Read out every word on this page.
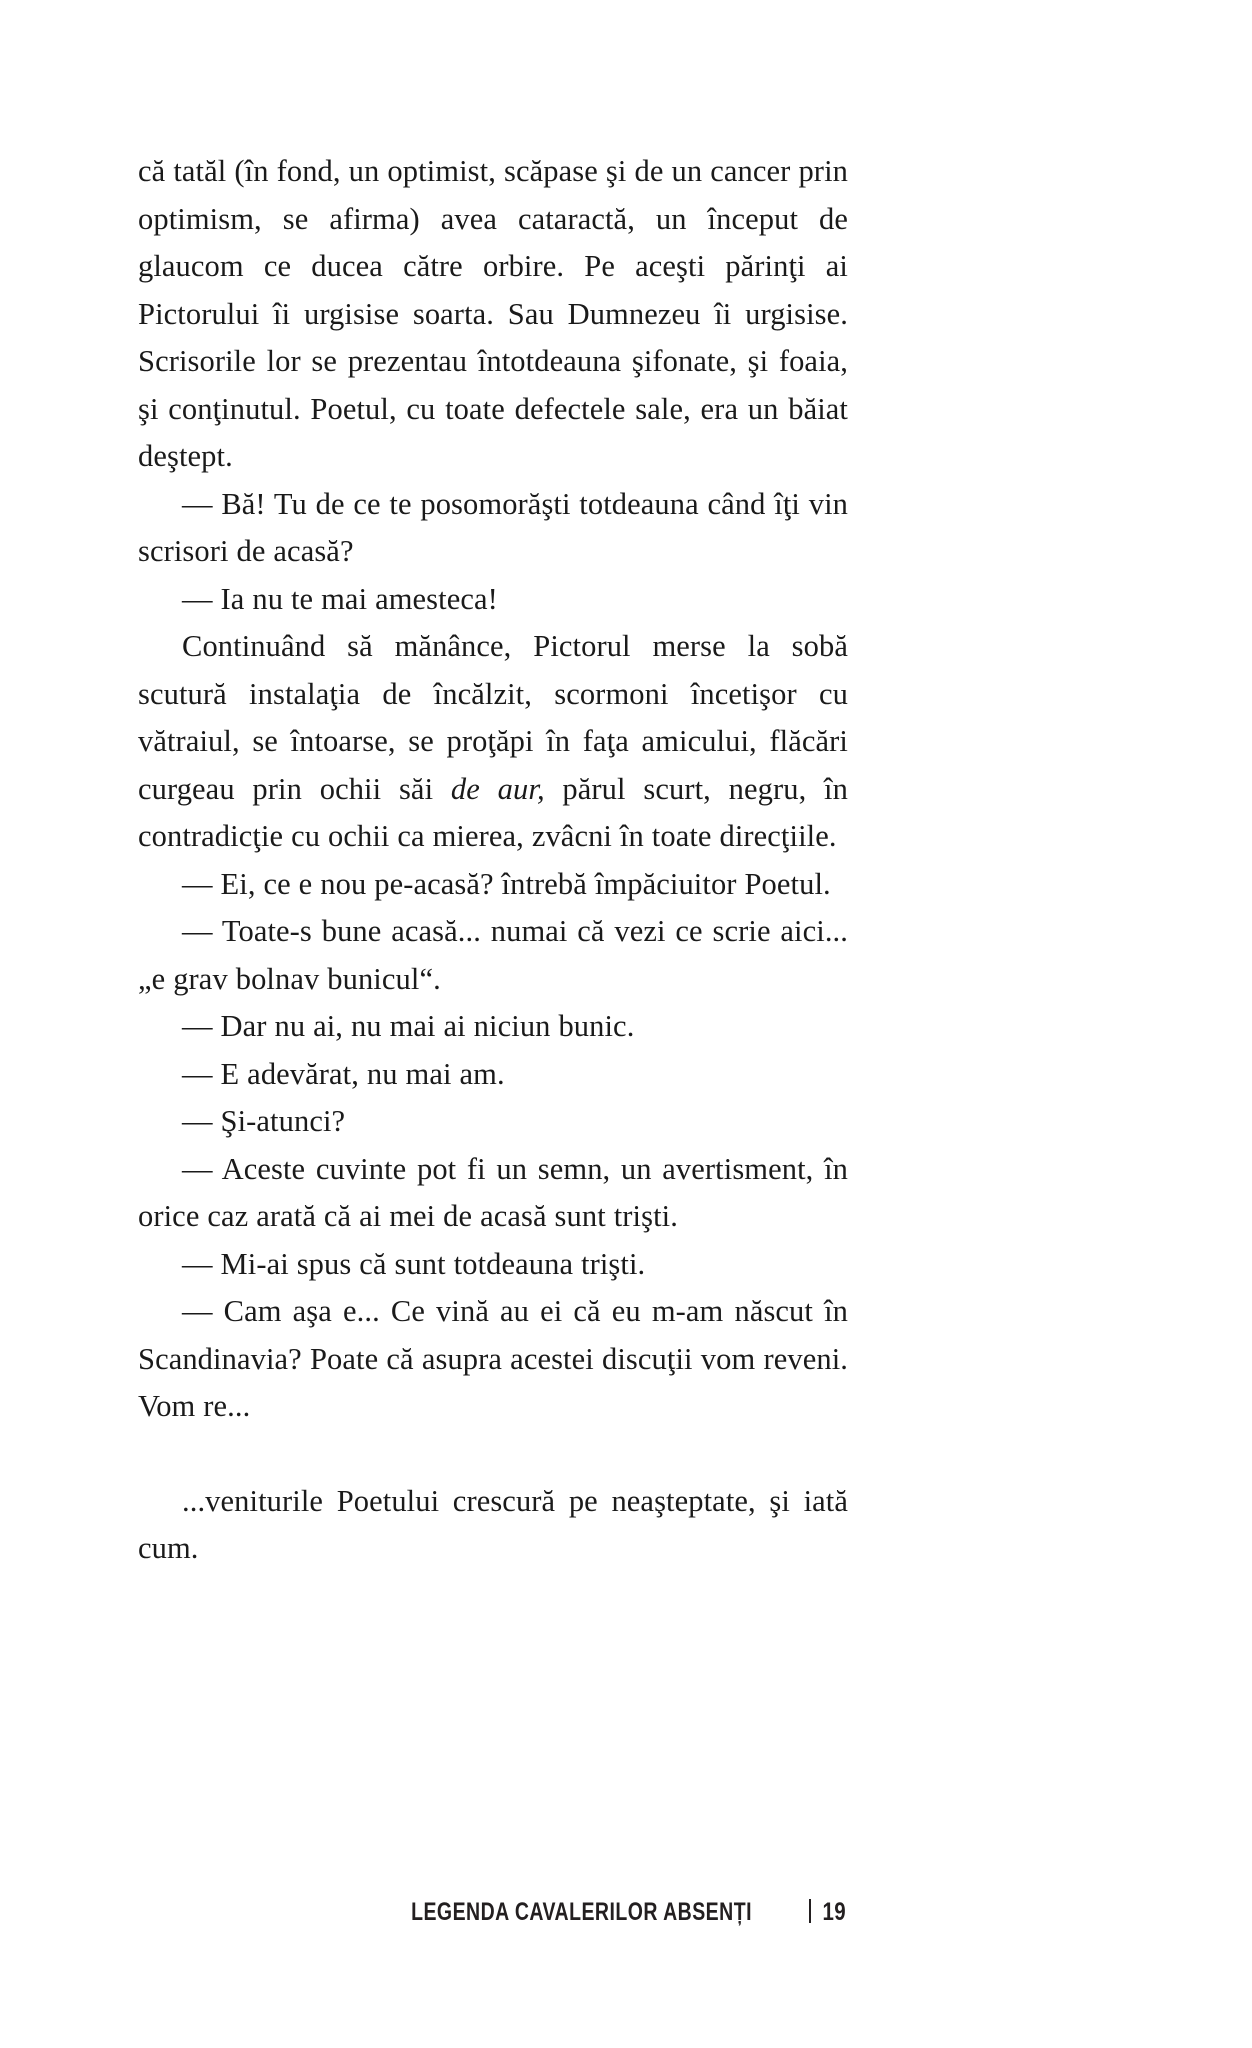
că tatăl (în fond, un optimist, scăpase şi de un cancer prin optimism, se afirma) avea cataractă, un început de glaucom ce ducea către orbire. Pe aceşti părinţi ai Pictorului îi urgisise soarta. Sau Dumnezeu îi urgisise. Scrisorile lor se prezentau întotdeauna şifonate, şi foaia, şi conţinutul. Poetul, cu toate defectele sale, era un băiat deştept.

— Bă! Tu de ce te posomorăşti totdeauna când îţi vin scrisori de acasă?

— Ia nu te mai amesteca!

Continuând să mănânce, Pictorul merse la sobă scutură instalaţia de încălzit, scormoni încetişor cu vătraiul, se întoarse, se proţăpi în faţa amicului, flăcări curgeau prin ochii săi de aur, părul scurt, negru, în contradicţie cu ochii ca mierea, zvâcni în toate direcţiile.

— Ei, ce e nou pe-acasă? întrebă împăciuitor Poetul.

— Toate-s bune acasă... numai că vezi ce scrie aici... „e grav bolnav bunicul“.

— Dar nu ai, nu mai ai niciun bunic.

— E adevărat, nu mai am.

— Şi-atunci?

— Aceste cuvinte pot fi un semn, un avertisment, în orice caz arată că ai mei de acasă sunt trişti.

— Mi-ai spus că sunt totdeauna trişti.

— Cam aşa e... Ce vină au ei că eu m-am născut în Scandinavia? Poate că asupra acestei discuţii vom reveni. Vom re...

...veniturile Poetului crescură pe neaşteptate, şi iată cum.

LEGENDA CAVALERILOR ABSENȚI	19
